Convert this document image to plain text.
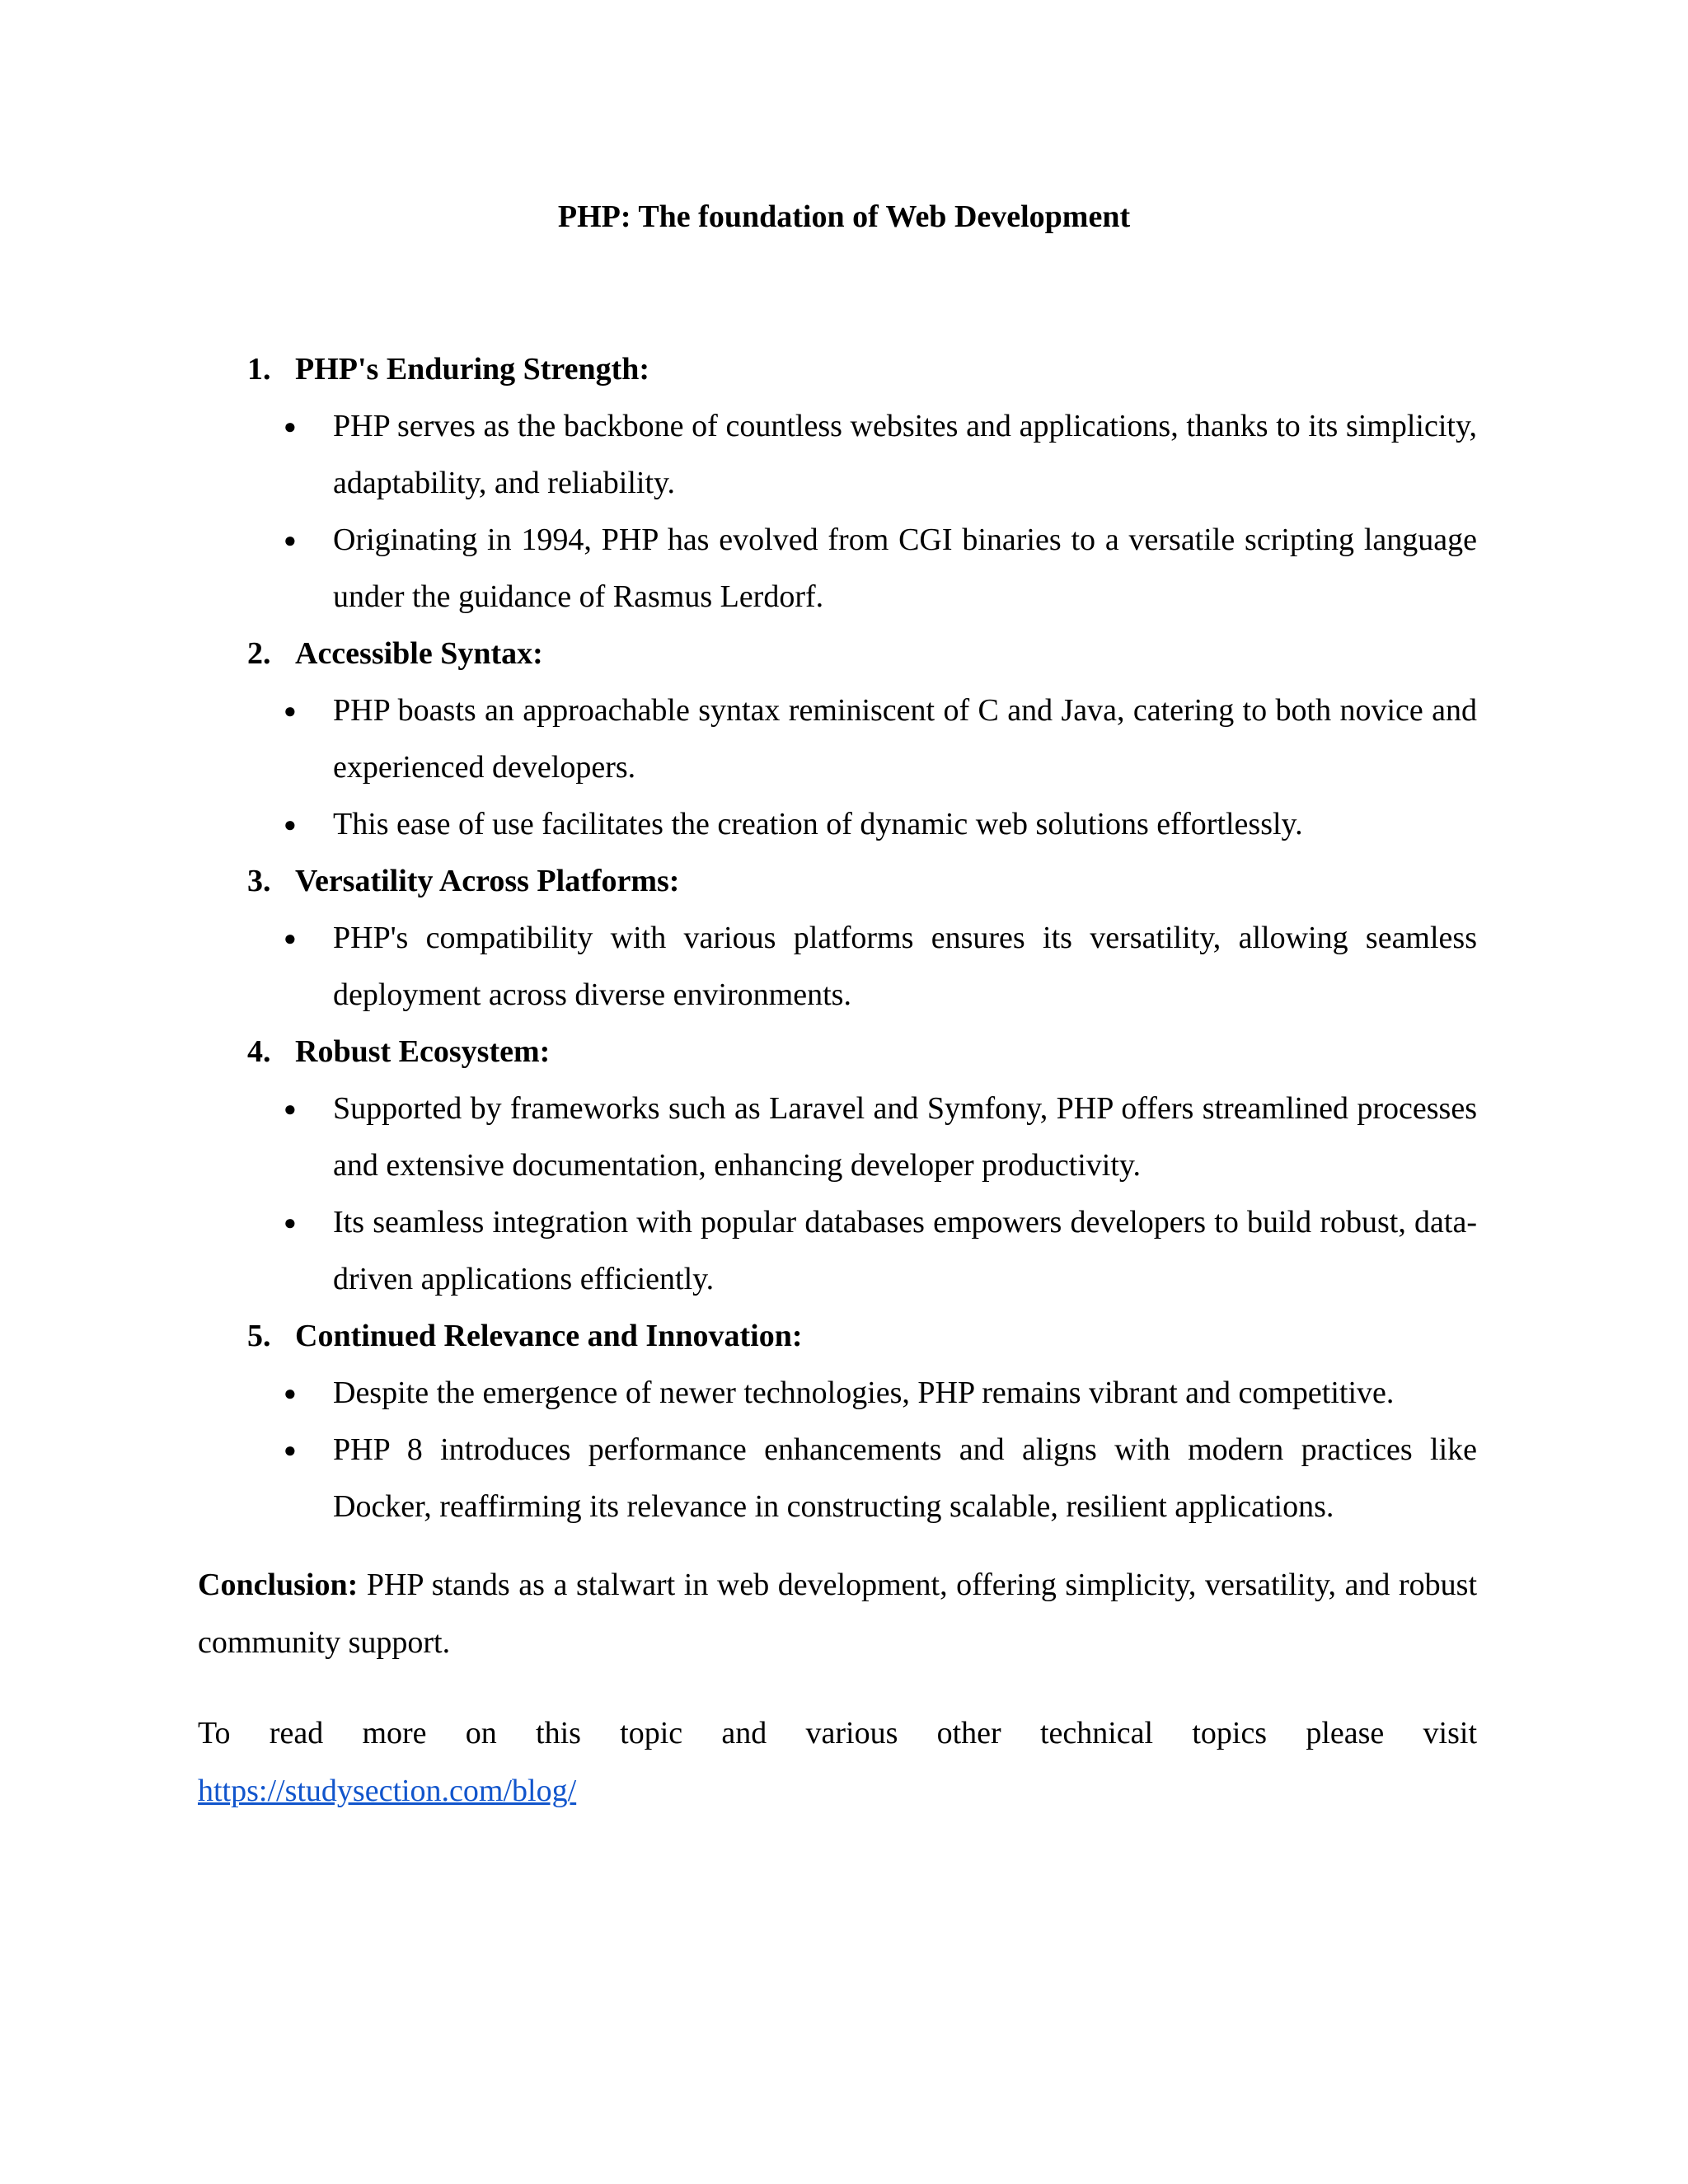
PHP: The foundation of Web Development
1. PHP's Enduring Strength:
● PHP serves as the backbone of countless websites and applications, thanks to its simplicity, adaptability, and reliability.
● Originating in 1994, PHP has evolved from CGI binaries to a versatile scripting language under the guidance of Rasmus Lerdorf.
2. Accessible Syntax:
● PHP boasts an approachable syntax reminiscent of C and Java, catering to both novice and experienced developers.
● This ease of use facilitates the creation of dynamic web solutions effortlessly.
3. Versatility Across Platforms:
● PHP's compatibility with various platforms ensures its versatility, allowing seamless deployment across diverse environments.
4. Robust Ecosystem:
● Supported by frameworks such as Laravel and Symfony, PHP offers streamlined processes and extensive documentation, enhancing developer productivity.
● Its seamless integration with popular databases empowers developers to build robust, data-driven applications efficiently.
5. Continued Relevance and Innovation:
● Despite the emergence of newer technologies, PHP remains vibrant and competitive.
● PHP 8 introduces performance enhancements and aligns with modern practices like Docker, reaffirming its relevance in constructing scalable, resilient applications.

Conclusion: PHP stands as a stalwart in web development, offering simplicity, versatility, and robust community support.

To read more on this topic and various other technical topics please visit

https://studysection.com/blog/
